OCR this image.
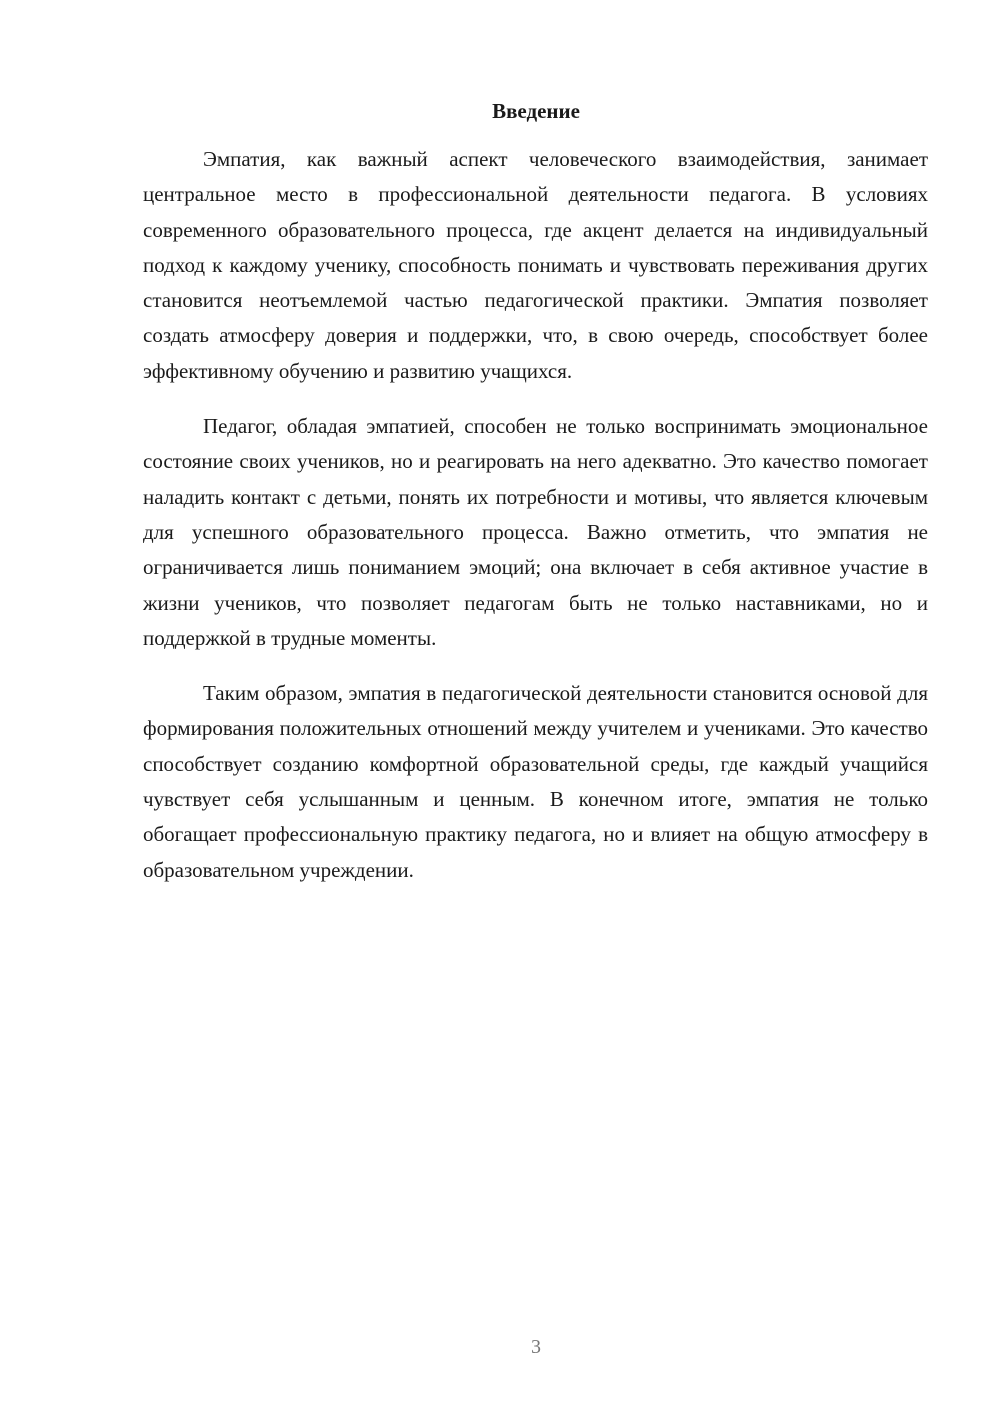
Введение

Эмпатия, как важный аспект человеческого взаимодействия, занимает центральное место в профессиональной деятельности педагога. В условиях современного образовательного процесса, где акцент делается на индивидуальный подход к каждому ученику, способность понимать и чувствовать переживания других становится неотъемлемой частью педагогической практики. Эмпатия позволяет создать атмосферу доверия и поддержки, что, в свою очередь, способствует более эффективному обучению и развитию учащихся.

Педагог, обладая эмпатией, способен не только воспринимать эмоциональное состояние своих учеников, но и реагировать на него адекватно. Это качество помогает наладить контакт с детьми, понять их потребности и мотивы, что является ключевым для успешного образовательного процесса. Важно отметить, что эмпатия не ограничивается лишь пониманием эмоций; она включает в себя активное участие в жизни учеников, что позволяет педагогам быть не только наставниками, но и поддержкой в трудные моменты.

Таким образом, эмпатия в педагогической деятельности становится основой для формирования положительных отношений между учителем и учениками. Это качество способствует созданию комфортной образовательной среды, где каждый учащийся чувствует себя услышанным и ценным. В конечном итоге, эмпатия не только обогащает профессиональную практику педагога, но и влияет на общую атмосферу в образовательном учреждении.

3
